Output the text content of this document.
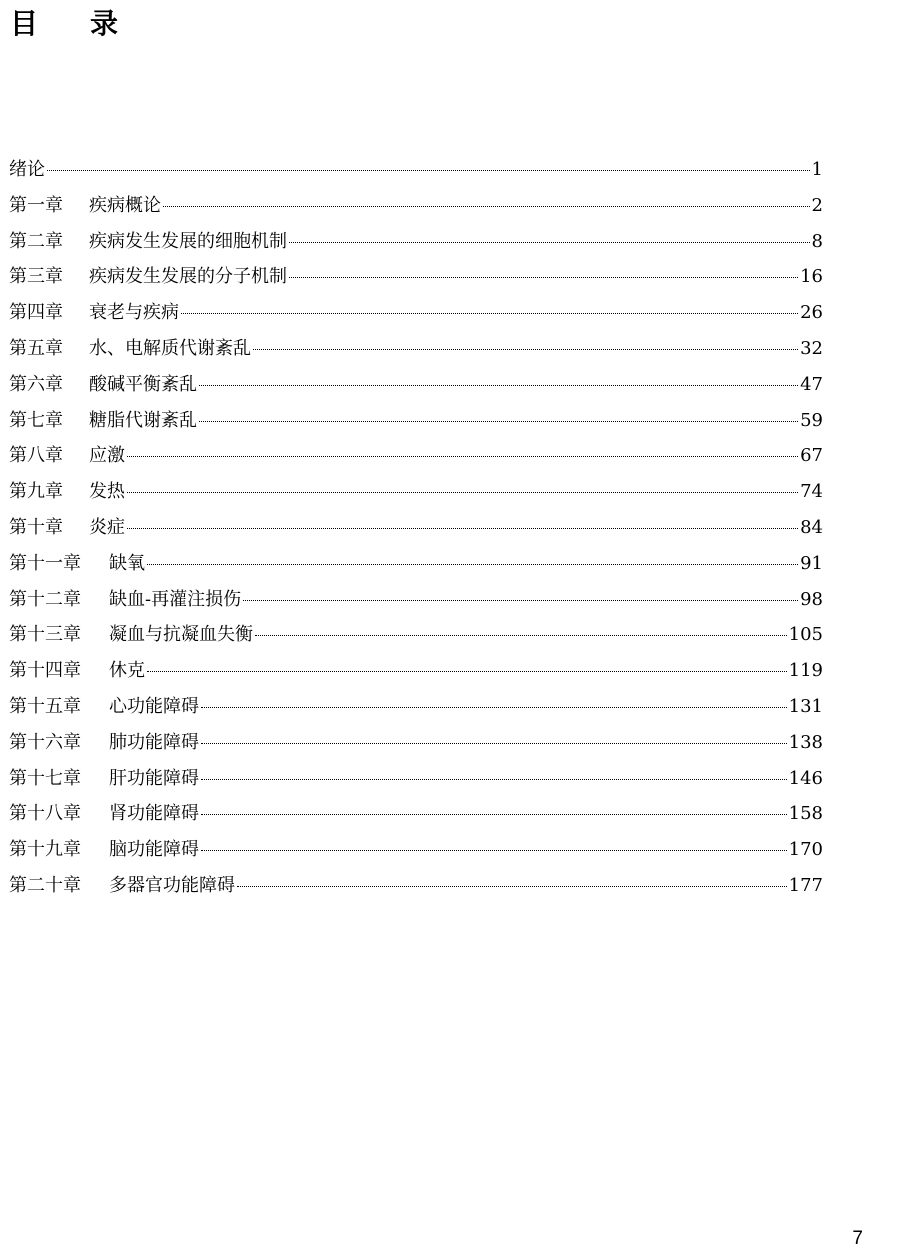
目录
绪论	1
第一章	疾病概论	2
第二章	疾病发生发展的细胞机制	8
第三章	疾病发生发展的分子机制	16
第四章	衰老与疾病	26
第五章	水、电解质代谢紊乱	32
第六章	酸碱平衡紊乱	47
第七章	糖脂代谢紊乱	59
第八章	应激	67
第九章	发热	74
第十章	炎症	84
第十一章	缺氧	91
第十二章	缺血-再灌注损伤	98
第十三章	凝血与抗凝血失衡	105
第十四章	休克	119
第十五章	心功能障碍	131
第十六章	肺功能障碍	138
第十七章	肝功能障碍	146
第十八章	肾功能障碍	158
第十九章	脑功能障碍	170
第二十章	多器官功能障碍	177
7
